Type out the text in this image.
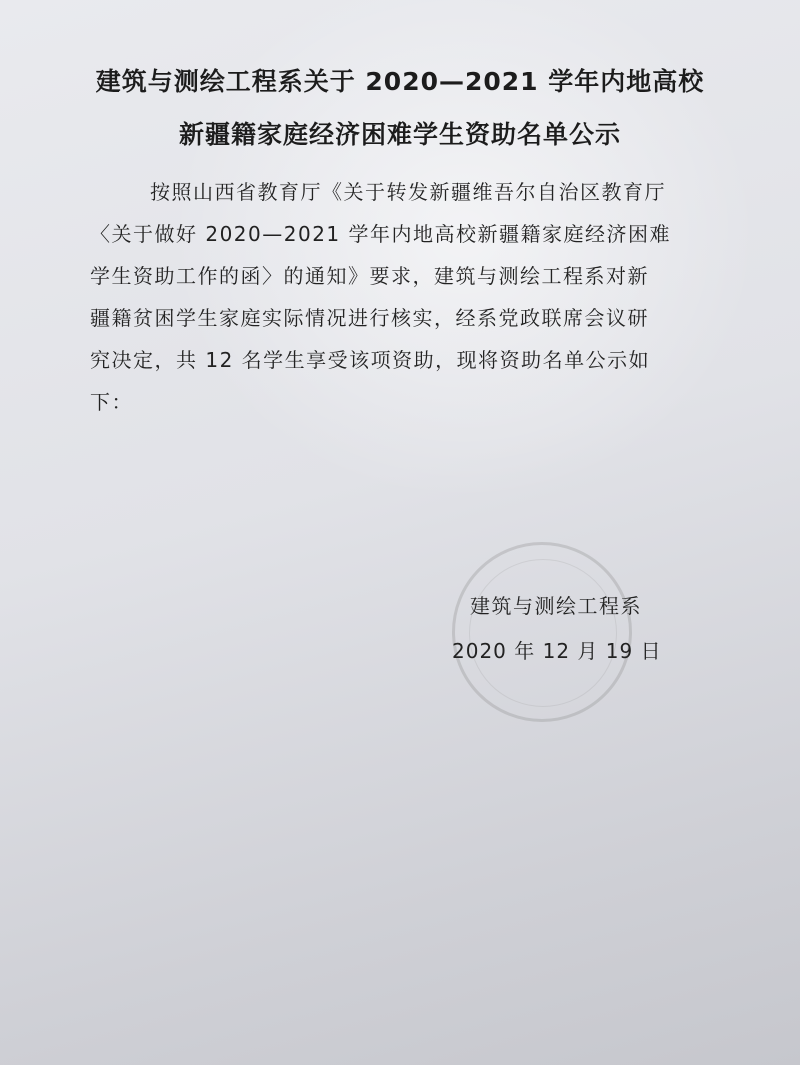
建筑与测绘工程系关于 2020—2021 学年内地高校
新疆籍家庭经济困难学生资助名单公示
按照山西省教育厅《关于转发新疆维吾尔自治区教育厅
〈关于做好 2020—2021 学年内地高校新疆籍家庭经济困难
学生资助工作的函〉的通知》要求，建筑与测绘工程系对新
疆籍贫困学生家庭实际情况进行核实，经系党政联席会议研
究决定，共 12 名学生享受该项资助，现将资助名单公示如
下：
建筑与测绘工程系
2020 年 12 月 19 日
